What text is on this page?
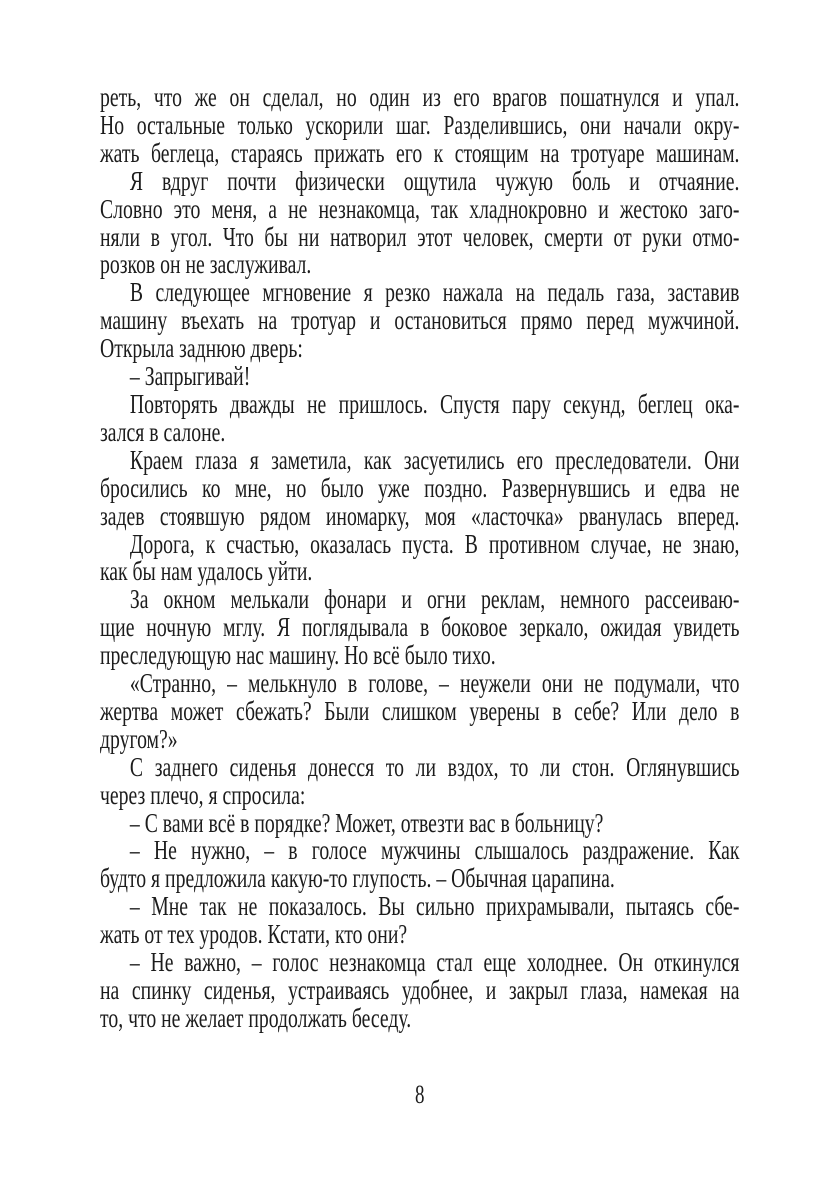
реть, что же он сделал, но один из его врагов пошатнулся и упал.
Но остальные только ускорили шаг. Разделившись, они начали окру-
жать беглеца, стараясь прижать его к стоящим на тротуаре машинам.
Я вдруг почти физически ощутила чужую боль и отчаяние.
Словно это меня, а не незнакомца, так хладнокровно и жестоко заго-
няли в угол. Что бы ни натворил этот человек, смерти от руки отмо-
розков он не заслуживал.
В следующее мгновение я резко нажала на педаль газа, заставив
машину въехать на тротуар и остановиться прямо перед мужчиной.
Открыла заднюю дверь:
– Запрыгивай!
Повторять дважды не пришлось. Спустя пару секунд, беглец ока-
зался в салоне.
Краем глаза я заметила, как засуетились его преследователи. Они
бросились ко мне, но было уже поздно. Развернувшись и едва не
задев стоявшую рядом иномарку, моя «ласточка» рванулась вперед.
Дорога, к счастью, оказалась пуста. В противном случае, не знаю,
как бы нам удалось уйти.
За окном мелькали фонари и огни реклам, немного рассеиваю-
щие ночную мглу. Я поглядывала в боковое зеркало, ожидая увидеть
преследующую нас машину. Но всё было тихо.
«Странно, – мелькнуло в голове, – неужели они не подумали, что
жертва может сбежать? Были слишком уверены в себе? Или дело в
другом?»
С заднего сиденья донесся то ли вздох, то ли стон. Оглянувшись
через плечо, я спросила:
– С вами всё в порядке? Может, отвезти вас в больницу?
– Не нужно, – в голосе мужчины слышалось раздражение. Как
будто я предложила какую-то глупость. – Обычная царапина.
– Мне так не показалось. Вы сильно прихрамывали, пытаясь сбе-
жать от тех уродов. Кстати, кто они?
– Не важно, – голос незнакомца стал еще холоднее. Он откинулся
на спинку сиденья, устраиваясь удобнее, и закрыл глаза, намекая на
то, что не желает продолжать беседу.
8
